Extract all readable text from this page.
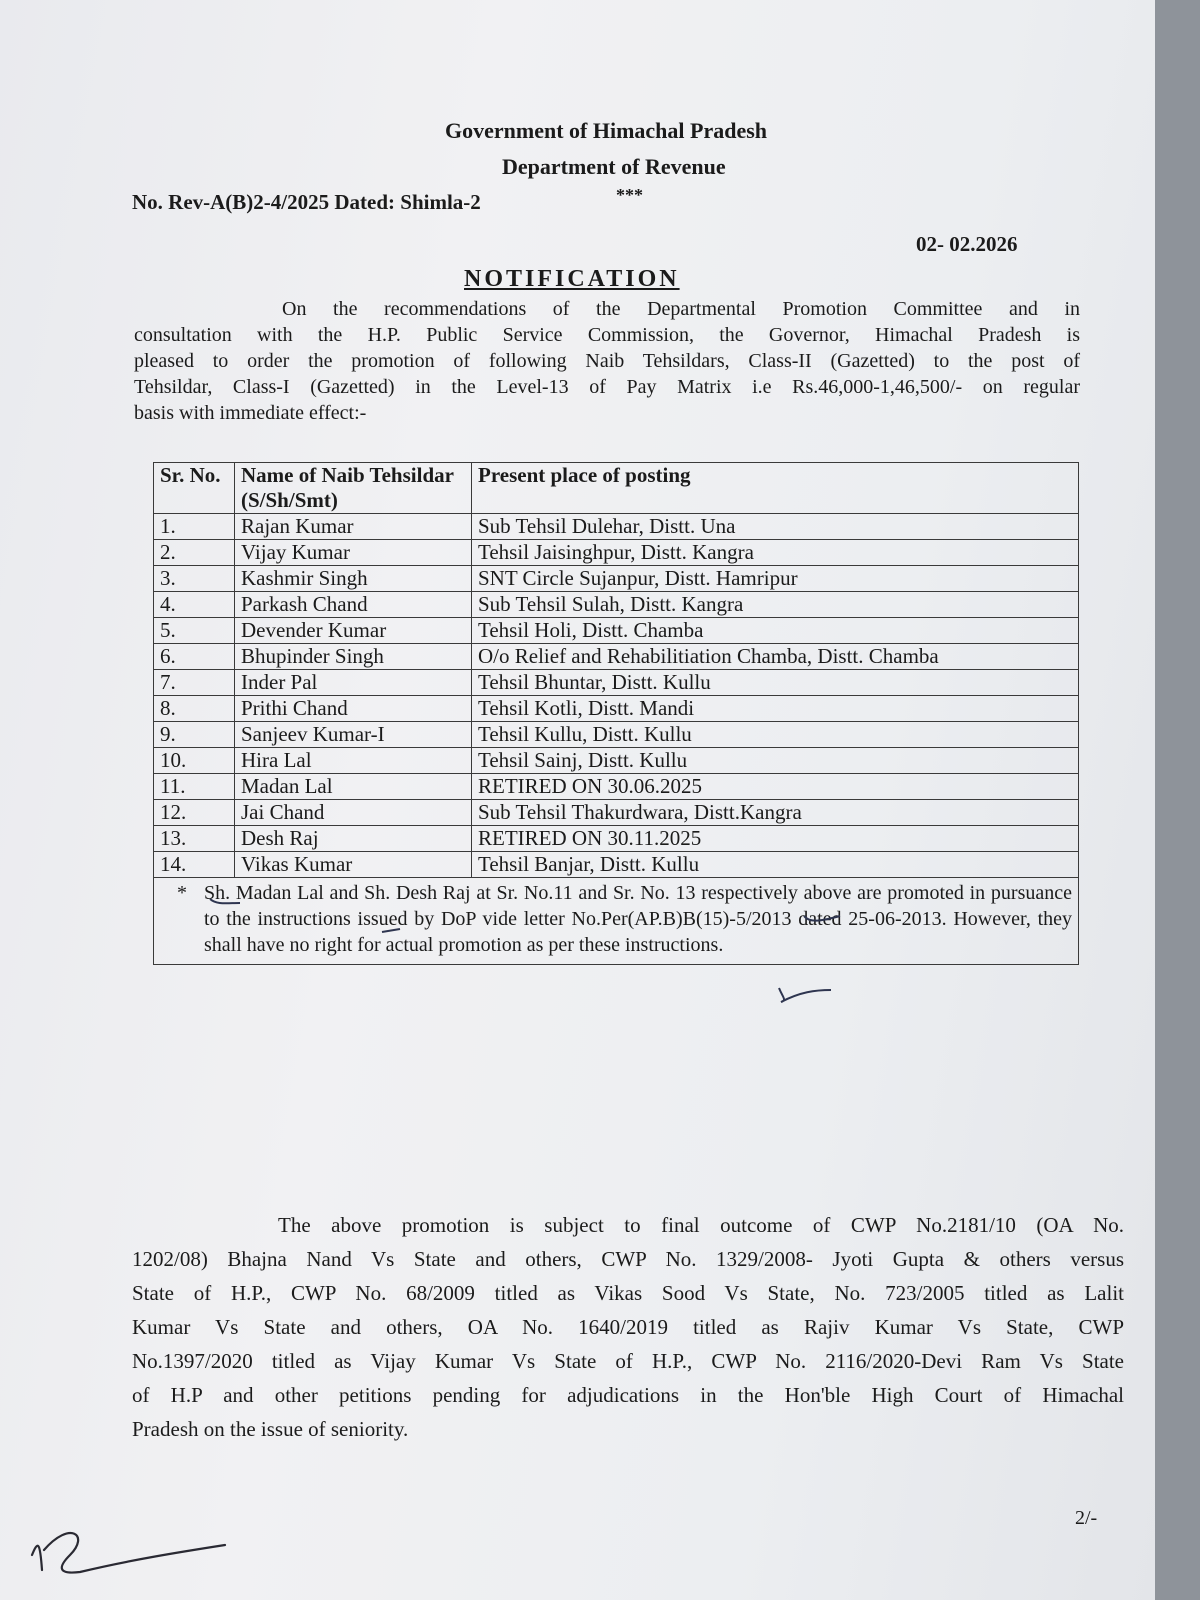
Government of Himachal Pradesh
Department of Revenue
***
No. Rev-A(B)2-4/2025 Dated: Shimla-2
02- 02.2026
NOTIFICATION
On the recommendations of the Departmental Promotion Committee and in
consultation with the H.P. Public Service Commission, the Governor, Himachal Pradesh is
pleased to order the promotion of following Naib Tehsildars, Class-II (Gazetted) to the post of
Tehsildar, Class-I (Gazetted) in the Level-13 of Pay Matrix i.e Rs.46,000-1,46,500/- on regular
basis with immediate effect:-
Sr. No.	Name of Naib Tehsildar (S/Sh/Smt)	Present place of posting
1.	Rajan Kumar	Sub Tehsil Dulehar, Distt. Una
2.	Vijay Kumar	Tehsil Jaisinghpur, Distt. Kangra
3.	Kashmir Singh	SNT Circle Sujanpur, Distt. Hamripur
4.	Parkash Chand	Sub Tehsil Sulah, Distt. Kangra
5.	Devender Kumar	Tehsil Holi, Distt. Chamba
6.	Bhupinder Singh	O/o Relief and Rehabilitiation Chamba, Distt. Chamba
7.	Inder Pal	Tehsil Bhuntar, Distt. Kullu
8.	Prithi Chand	Tehsil Kotli, Distt. Mandi
9.	Sanjeev Kumar-I	Tehsil Kullu, Distt. Kullu
10.	Hira Lal	Tehsil Sainj, Distt. Kullu
11.	Madan Lal	RETIRED ON 30.06.2025
12.	Jai Chand	Sub Tehsil Thakurdwara, Distt.Kangra
13.	Desh Raj	RETIRED ON 30.11.2025
14.	Vikas Kumar	Tehsil Banjar, Distt. Kullu

* Sh. Madan Lal and Sh. Desh Raj at Sr. No.11 and Sr. No. 13 respectively above are promoted in pursuance to the instructions issued by DoP vide letter No.Per(AP.B)B(15)-5/2013 dated 25-06-2013. However, they shall have no right for actual promotion as per these instructions.		
The above promotion is subject to final outcome of CWP No.2181/10 (OA No.
1202/08) Bhajna Nand Vs State and others, CWP No. 1329/2008- Jyoti Gupta & others versus
State of H.P., CWP No. 68/2009 titled as Vikas Sood Vs State, No. 723/2005 titled as Lalit
Kumar Vs State and others, OA No. 1640/2019 titled as Rajiv Kumar Vs State, CWP
No.1397/2020 titled as Vijay Kumar Vs State of H.P., CWP No. 2116/2020-Devi Ram Vs State
of H.P and other petitions pending for adjudications in the Hon'ble High Court of Himachal
Pradesh on the issue of seniority.
2/-
